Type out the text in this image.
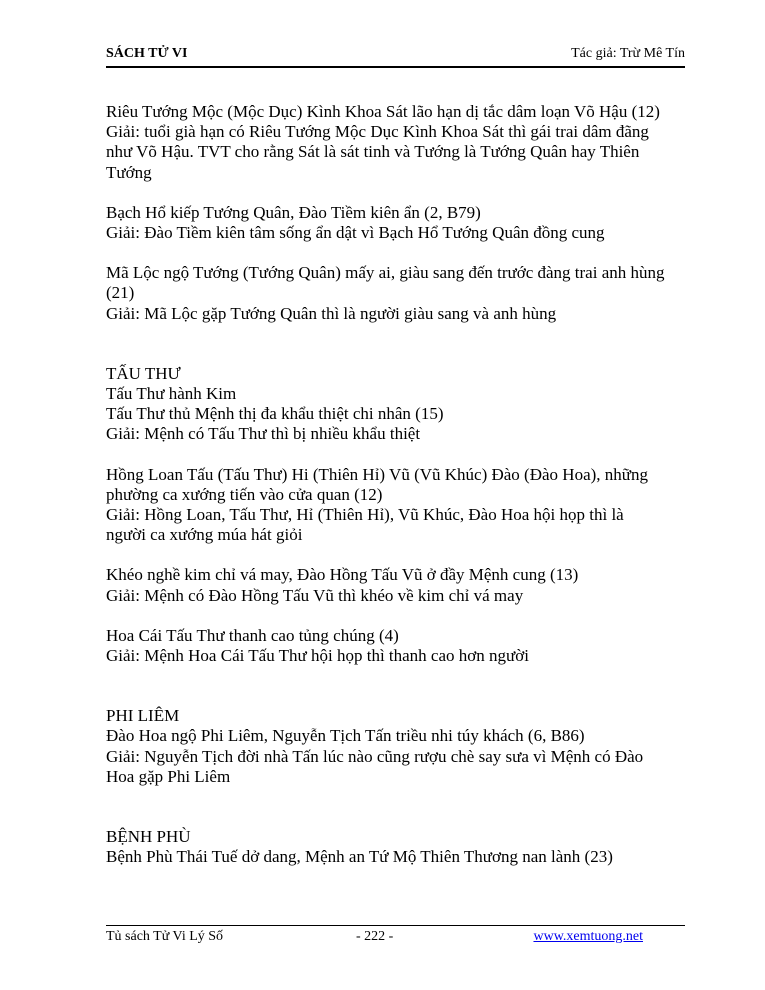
SÁCH TỬ VI	Tác giả: Trừ Mê Tín

Riêu Tướng Mộc (Mộc Dục) Kình Khoa Sát lão hạn dị tắc dâm loạn Võ Hậu (12)

Giải: tuổi già hạn có Riêu Tướng Mộc Dục Kình Khoa Sát thì gái trai dâm đãng

như Võ Hậu. TVT cho rằng Sát là sát tinh và Tướng là Tướng Quân hay Thiên

Tướng

Bạch Hổ kiếp Tướng Quân, Đào Tiềm kiên ẩn (2, B79)

Giải: Đào Tiềm kiên tâm sống ẩn dật vì Bạch Hổ Tướng Quân đồng cung

Mã Lộc ngộ Tướng (Tướng Quân) mấy ai, giàu sang đến trước đàng trai anh hùng

(21)

Giải: Mã Lộc gặp Tướng Quân thì là người giàu sang và anh hùng

TẤU THƯ

Tấu Thư hành Kim

Tấu Thư thủ Mệnh thị đa khẩu thiệt chi nhân (15)

Giải: Mệnh có Tấu Thư thì bị nhiều khẩu thiệt

Hồng Loan Tấu (Tấu Thư) Hi (Thiên Hỉ) Vũ (Vũ Khúc) Đào (Đào Hoa), những

phường ca xướng tiến vào cửa quan (12)

Giải: Hồng Loan, Tấu Thư, Hỉ (Thiên Hỉ), Vũ Khúc, Đào Hoa hội họp thì là

người ca xướng múa hát giỏi

Khéo nghề kim chỉ vá may, Đào Hồng Tấu Vũ ở đầy Mệnh cung (13)

Giải: Mệnh có Đào Hồng Tấu Vũ thì khéo về kim chỉ vá may

Hoa Cái Tấu Thư thanh cao tủng chúng (4)

Giải: Mệnh Hoa Cái Tấu Thư hội họp thì thanh cao hơn người

PHI LIÊM

Đào Hoa ngộ Phi Liêm, Nguyễn Tịch Tấn triều nhi túy khách (6, B86)

Giải: Nguyễn Tịch đời nhà Tấn lúc nào cũng rượu chè say sưa vì Mệnh có Đào

Hoa gặp Phi Liêm

BỆNH PHÙ

Bệnh Phù Thái Tuế dở dang, Mệnh an Tứ Mộ Thiên Thương nan lành (23)

Tủ sách Tử Vi Lý Số	- 222 -	www.xemtuong.net
